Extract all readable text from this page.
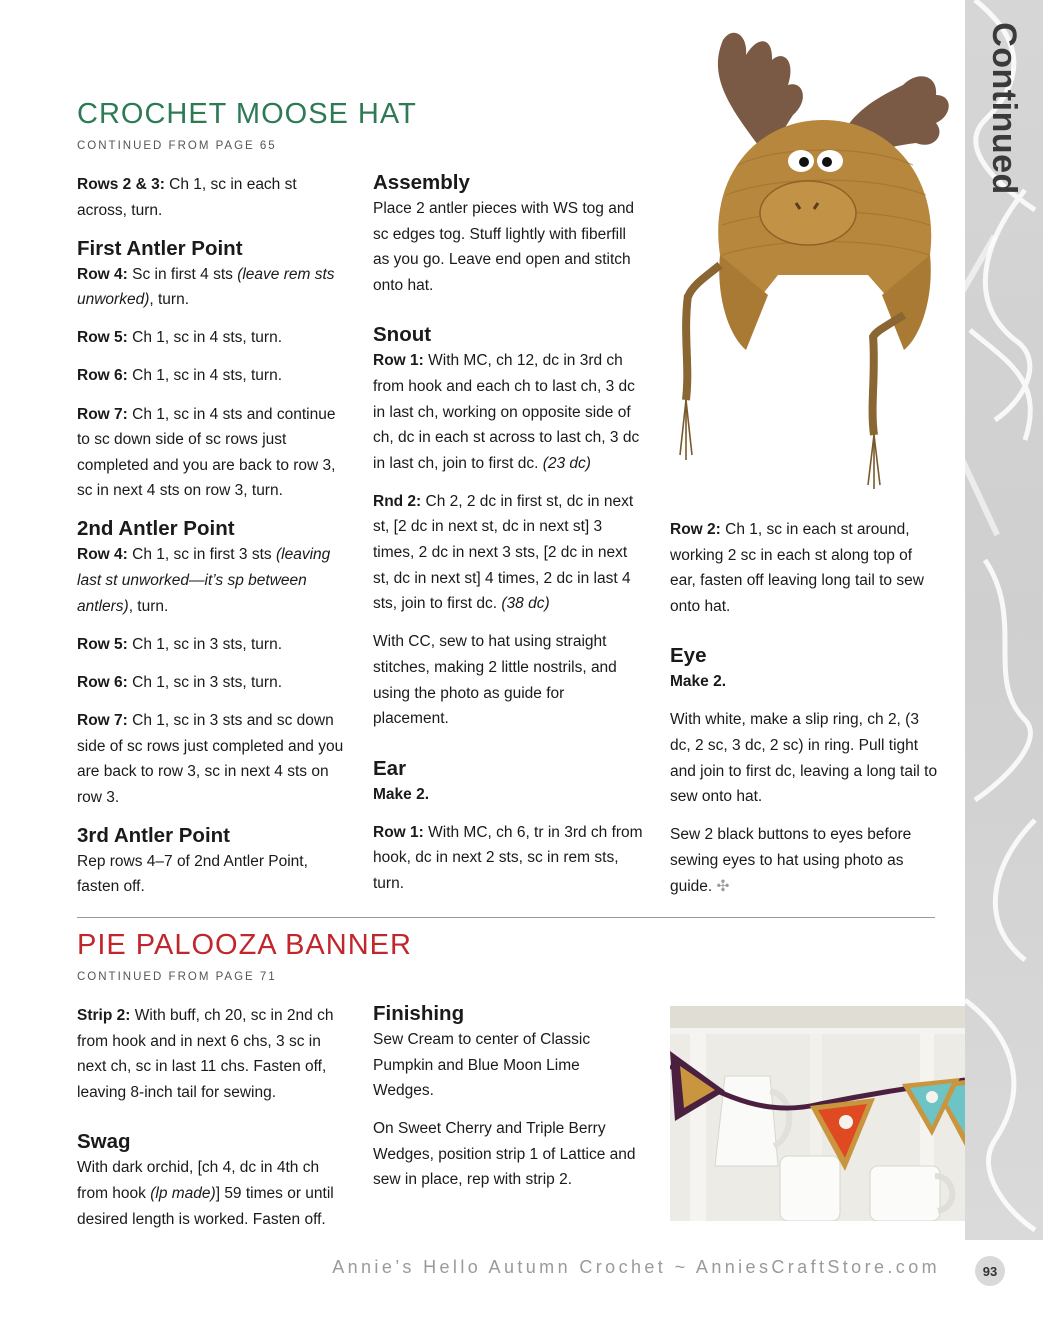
Continued
CROCHET MOOSE HAT
CONTINUED FROM PAGE 65

Rows 2 & 3: Ch 1, sc in each st across, turn.

First Antler Point

Row 4: Sc in first 4 sts (leave rem sts unworked), turn.

Row 5: Ch 1, sc in 4 sts, turn.

Row 6: Ch 1, sc in 4 sts, turn.

Row 7: Ch 1, sc in 4 sts and continue to sc down side of sc rows just completed and you are back to row 3, sc in next 4 sts on row 3, turn.

2nd Antler Point

Row 4: Ch 1, sc in first 3 sts (leaving last st unworked—it’s sp between antlers), turn.

Row 5: Ch 1, sc in 3 sts, turn.

Row 6: Ch 1, sc in 3 sts, turn.

Row 7: Ch 1, sc in 3 sts and sc down side of sc rows just completed and you are back to row 3, sc in next 4 sts on row 3.

3rd Antler Point

Rep rows 4–7 of 2nd Antler Point, fasten off.

Assembly

Place 2 antler pieces with WS tog and sc edges tog. Stuff lightly with fiberfill as you go. Leave end open and stitch onto hat.

Snout

Row 1: With MC, ch 12, dc in 3rd ch from hook and each ch to last ch, 3 dc in last ch, working on opposite side of ch, dc in each st across to last ch, 3 dc in last ch, join to first dc. (23 dc)

Rnd 2: Ch 2, 2 dc in first st, dc in next st, [2 dc in next st, dc in next st] 3 times, 2 dc in next 3 sts, [2 dc in next st, dc in next st] 4 times, 2 dc in last 4 sts, join to first dc. (38 dc)

With CC, sew to hat using straight stitches, making 2 little nostrils, and using the photo as guide for placement.

Ear

Make 2.

Row 1: With MC, ch 6, tr in 3rd ch from hook, dc in next 2 sts, sc in rem sts, turn.

Row 2: Ch 1, sc in each st around, working 2 sc in each st along top of ear, fasten off leaving long tail to sew onto hat.

Eye

Make 2.

With white, make a slip ring, ch 2, (3 dc, 2 sc, 3 dc, 2 sc) in ring. Pull tight and join to first dc, leaving a long tail to sew onto hat.

Sew 2 black buttons to eyes before sewing eyes to hat using photo as guide. ✣

PIE PALOOZA BANNER
CONTINUED FROM PAGE 71

Strip 2: With buff, ch 20, sc in 2nd ch from hook and in next 6 chs, 3 sc in next ch, sc in last 11 chs. Fasten off, leaving 8-inch tail for sewing.

Swag

With dark orchid, [ch 4, dc in 4th ch from hook (lp made)] 59 times or until desired length is worked. Fasten off.

Finishing

Sew Cream to center of Classic Pumpkin and Blue Moon Lime Wedges.

On Sweet Cherry and Triple Berry Wedges, position strip 1 of Lattice and sew in place, rep with strip 2.

Annie’s Hello Autumn Crochet ~ AnniesCraftStore.com	93
